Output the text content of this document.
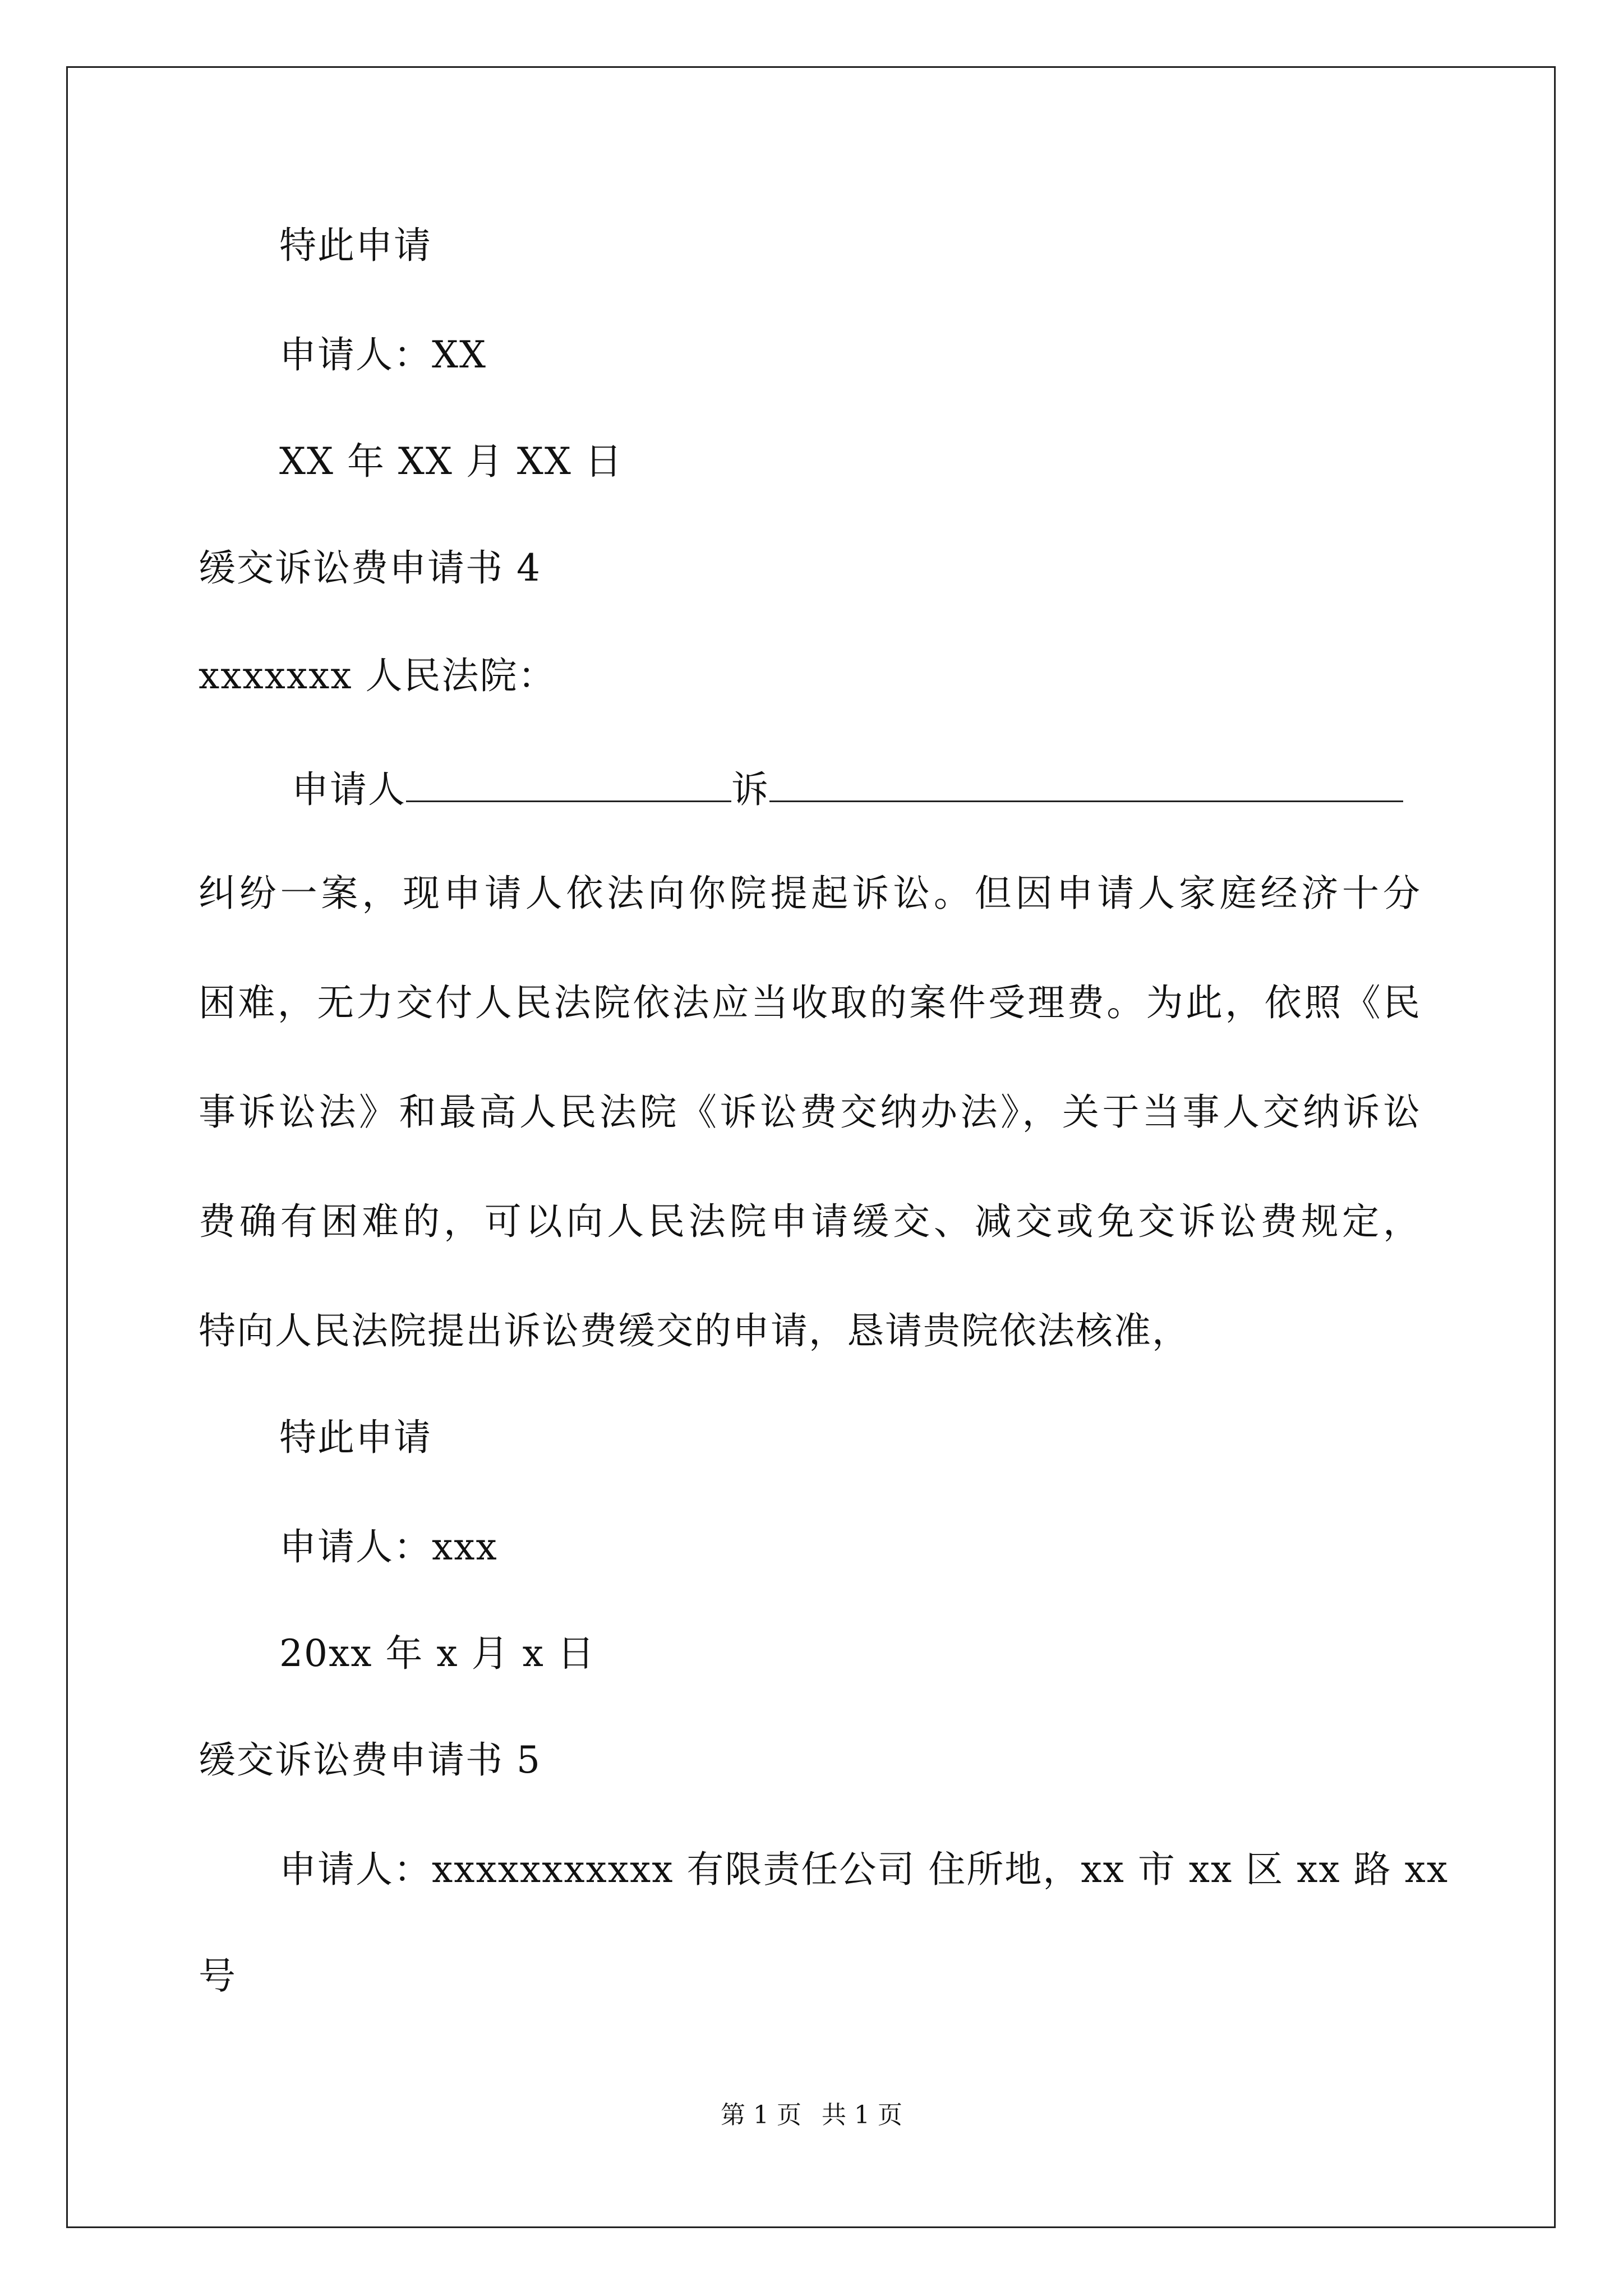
特此申请
申请人：XX
XX 年 XX 月 XX 日
缓交诉讼费申请书 4
xxxxxxx 人民法院：
申请人	诉
纠纷一案，现申请人依法向你院提起诉讼。但因申请人家庭经济十分
困难，无力交付人民法院依法应当收取的案件受理费。为此，依照《民
事诉讼法》和最高人民法院《诉讼费交纳办法》，关于当事人交纳诉讼
费确有困难的，可以向人民法院申请缓交、减交或免交诉讼费规定，
特向人民法院提出诉讼费缓交的申请，恳请贵院依法核准，
特此申请
申请人：xxx
20xx 年 x 月 x 日
缓交诉讼费申请书 5
申请人：xxxxxxxxxxx 有限责任公司 住所地，xx 市 xx 区 xx 路 xx
号
第 1 页 共 1 页
